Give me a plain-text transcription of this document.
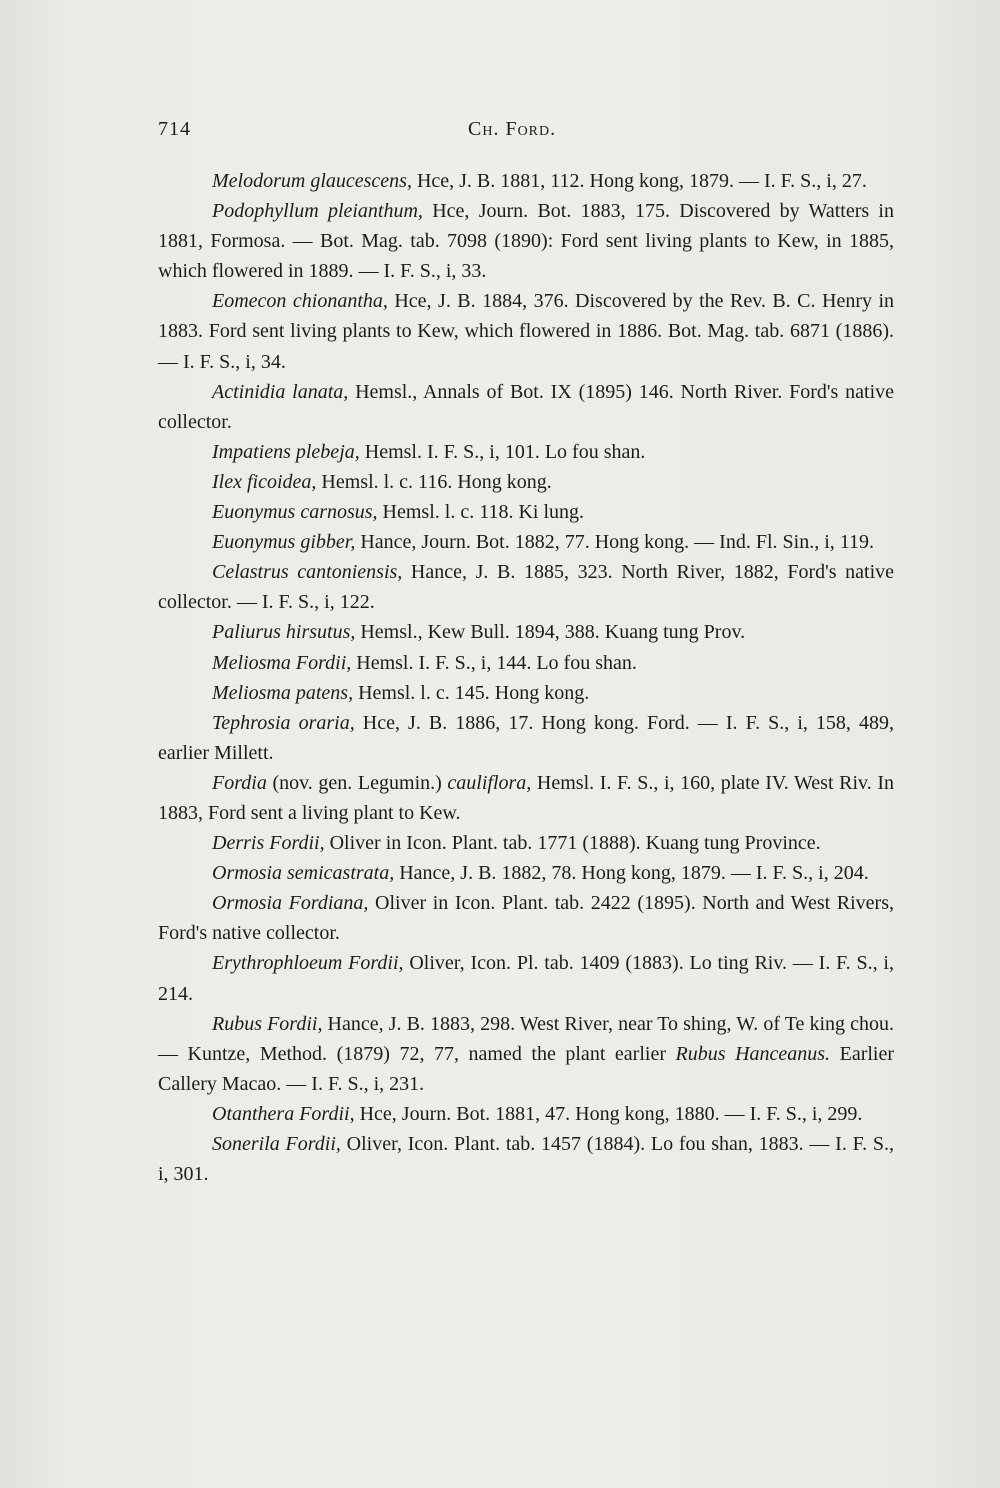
714	Ch. Ford.

Melodorum glaucescens, Hce, J. B. 1881, 112. Hong kong, 1879. — I. F. S., i, 27.

Podophyllum pleianthum, Hce, Journ. Bot. 1883, 175. Discovered by Watters in 1881, Formosa. — Bot. Mag. tab. 7098 (1890): Ford sent living plants to Kew, in 1885, which flowered in 1889. — I. F. S., i, 33.

Eomecon chionantha, Hce, J. B. 1884, 376. Discovered by the Rev. B. C. Henry in 1883. Ford sent living plants to Kew, which flowered in 1886. Bot. Mag. tab. 6871 (1886). — I. F. S., i, 34.

Actinidia lanata, Hemsl., Annals of Bot. IX (1895) 146. North River. Ford's native collector.

Impatiens plebeja, Hemsl. I. F. S., i, 101. Lo fou shan.

Ilex ficoidea, Hemsl. l. c. 116. Hong kong.

Euonymus carnosus, Hemsl. l. c. 118. Ki lung.

Euonymus gibber, Hance, Journ. Bot. 1882, 77. Hong kong. — Ind. Fl. Sin., i, 119.

Celastrus cantoniensis, Hance, J. B. 1885, 323. North River, 1882, Ford's native collector. — I. F. S., i, 122.

Paliurus hirsutus, Hemsl., Kew Bull. 1894, 388. Kuang tung Prov.

Meliosma Fordii, Hemsl. I. F. S., i, 144. Lo fou shan.

Meliosma patens, Hemsl. l. c. 145. Hong kong.

Tephrosia oraria, Hce, J. B. 1886, 17. Hong kong. Ford. — I. F. S., i, 158, 489, earlier Millett.

Fordia (nov. gen. Legumin.) cauliflora, Hemsl. I. F. S., i, 160, plate IV. West Riv. In 1883, Ford sent a living plant to Kew.

Derris Fordii, Oliver in Icon. Plant. tab. 1771 (1888). Kuang tung Province.

Ormosia semicastrata, Hance, J. B. 1882, 78. Hong kong, 1879. — I. F. S., i, 204.

Ormosia Fordiana, Oliver in Icon. Plant. tab. 2422 (1895). North and West Rivers, Ford's native collector.

Erythrophloeum Fordii, Oliver, Icon. Pl. tab. 1409 (1883). Lo ting Riv. — I. F. S., i, 214.

Rubus Fordii, Hance, J. B. 1883, 298. West River, near To shing, W. of Te king chou. — Kuntze, Method. (1879) 72, 77, named the plant earlier Rubus Hanceanus. Earlier Callery Macao. — I. F. S., i, 231.

Otanthera Fordii, Hce, Journ. Bot. 1881, 47. Hong kong, 1880. — I. F. S., i, 299.

Sonerila Fordii, Oliver, Icon. Plant. tab. 1457 (1884). Lo fou shan, 1883. — I. F. S., i, 301.
